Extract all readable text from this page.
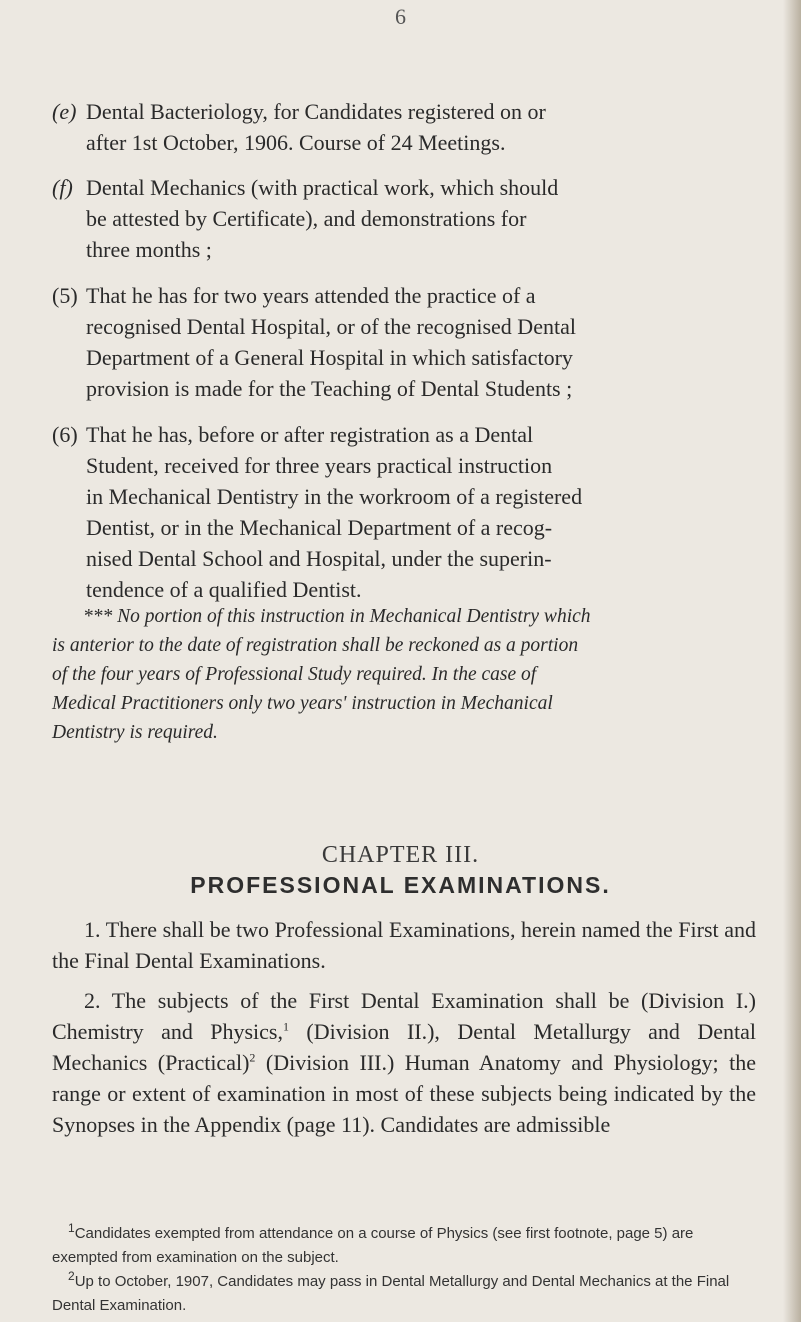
6
(e) Dental Bacteriology, for Candidates registered on or
after 1st October, 1906. Course of 24 Meetings.
(f) Dental Mechanics (with practical work, which should
be attested by Certificate), and demonstrations for
three months ;
(5) That he has for two years attended the practice of a
recognised Dental Hospital, or of the recognised Dental
Department of a General Hospital in which satisfactory
provision is made for the Teaching of Dental Students ;
(6) That he has, before or after registration as a Dental
Student, received for three years practical instruction
in Mechanical Dentistry in the workroom of a registered
Dentist, or in the Mechanical Department of a recog-
nised Dental School and Hospital, under the superin-
tendence of a qualified Dentist.
*** No portion of this instruction in Mechanical Dentistry which
is anterior to the date of registration shall be reckoned as a portion
of the four years of Professional Study required. In the case of
Medical Practitioners only two years' instruction in Mechanical
Dentistry is required.
CHAPTER III.
PROFESSIONAL EXAMINATIONS.
1. There shall be two Professional Examinations, herein named the First and the Final Dental Examinations.
2. The subjects of the First Dental Examination shall be (Division I.) Chemistry and Physics,$^1$ (Division II.), Dental Metallurgy and Dental Mechanics (Practical)$^2$ (Division III.) Human Anatomy and Physiology; the range or extent of examination in most of these subjects being indicated by the Synopses in the Appendix (page 11). Candidates are admissible
$^1$Candidates exempted from attendance on a course of Physics (see first footnote, page 5) are exempted from examination on the subject.
$^2$Up to October, 1907, Candidates may pass in Dental Metallurgy and Dental Mechanics at the Final Dental Examination.
